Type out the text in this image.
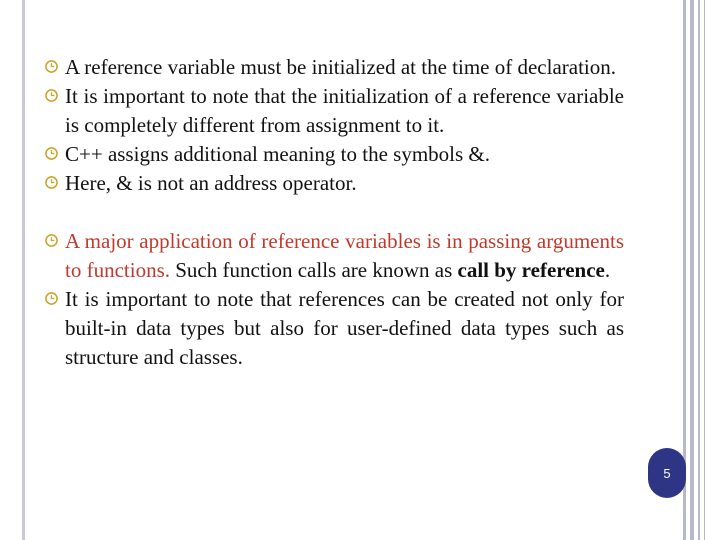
A reference variable must be initialized at the time of declaration.
It is important to note that the initialization of a reference variable is completely different from assignment to it.
C++ assigns additional meaning to the symbols &.
Here, & is not an address operator.
A major application of reference variables is in passing arguments to functions. Such function calls are known as call by reference.
It is important to note that references can be created not only for built-in data types but also for user-defined data types such as structure and classes.
5
